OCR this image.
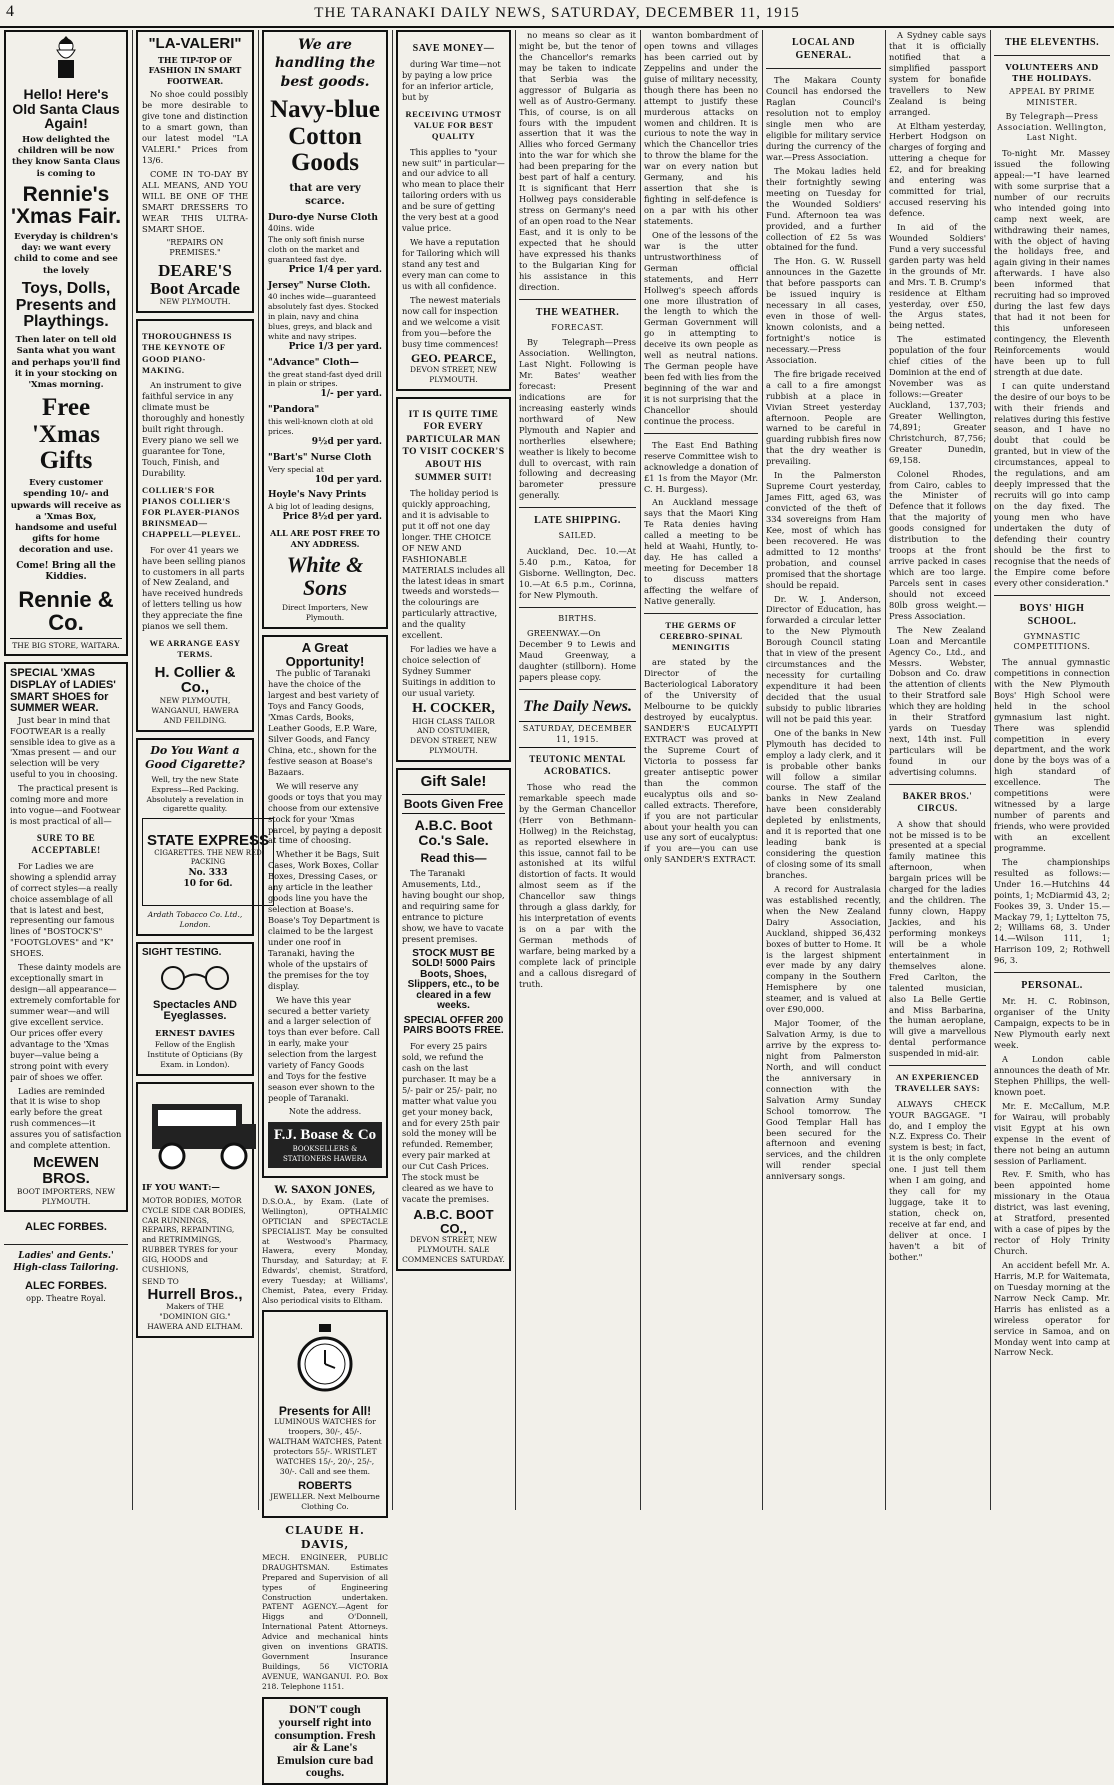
4	THE TARANAKI DAILY NEWS, SATURDAY, DECEMBER 11, 1915
Hello! Here's Old Santa Claus Again!
How delighted the children will be now they know Santa Claus is coming to
Rennie's 'Xmas Fair.
Everyday is children's day: we want every child to come and see the lovely
Toys, Dolls, Presents and Playthings.
Then later on tell old Santa what you want and perhaps you'll find it in your stocking on 'Xmas morning.
Free 'Xmas Gifts
Every customer spending 10/- and upwards will receive as a 'Xmas Box, handsome and useful gifts for home decoration and use.
Come! Bring all the Kiddies.
Rennie & Co.
THE BIG STORE, WAITARA.
SPECIAL 'XMAS DISPLAY of LADIES' SMART SHOES for SUMMER WEAR.

Just bear in mind that FOOTWEAR is a really sensible idea to give as a 'Xmas present — and our selection will be very useful to you in choosing.

The practical present is coming more and more into vogue—and Footwear is most practical of all—

SURE TO BE ACCEPTABLE!

For Ladies we are showing a splendid array of correct styles—a really choice assemblage of all that is latest and best, representing our famous lines of "BOSTOCK'S" "FOOTGLOVES" and "K" SHOES.

These dainty models are exceptionally smart in design—all appearance—extremely comfortable for summer wear—and will give excellent service. Our prices offer every advantage to the 'Xmas buyer—value being a strong point with every pair of shoes we offer.

Ladies are reminded that it is wise to shop early before the great rush commences—it assures you of satisfaction and complete attention.

McEWEN BROS.
BOOT IMPORTERS, NEW PLYMOUTH.
ALEC FORBES.
Ladies' and Gents.' High-class Tailoring.
ALEC FORBES.
opp. Theatre Royal.
"LA-VALERI"
THE TIP-TOP OF FASHION IN SMART FOOTWEAR.

No shoe could possibly be more desirable to give tone and distinction to a smart gown, than our latest model "LA VALERI." Prices from 13/6.

COME IN TO-DAY BY ALL MEANS, AND YOU WILL BE ONE OF THE SMART DRESSERS TO WEAR THIS ULTRA-SMART SHOE.

"REPAIRS ON PREMISES."
DEARE'S Boot Arcade
NEW PLYMOUTH.
THOROUGHNESS IS THE KEYNOTE OF GOOD PIANO-MAKING.

An instrument to give faithful service in any climate must be thoroughly and honestly built right through. Every piano we sell we guarantee for Tone, Touch, Finish, and Durability.

COLLIER'S FOR PIANOS COLLIER'S FOR PLAYER-PIANOS BRINSMEAD—CHAPPELL—PLEYEL.

For over 41 years we have been selling pianos to customers in all parts of New Zealand, and have received hundreds of letters telling us how they appreciate the fine pianos we sell them.

WE ARRANGE EASY TERMS.
H. Collier & Co.,
NEW PLYMOUTH, WANGANUI, HAWERA AND FEILDING.
Do You Want a Good Cigarette?
Well, try the new State Express—Red Packing. Absolutely a revelation in cigarette quality.
STATE EXPRESS
CIGARETTES. THE NEW RED PACKING
No. 333
10 for 6d.
Ardath Tobacco Co. Ltd., London.
SIGHT TESTING.
Spectacles AND Eyeglasses.
ERNEST DAVIES
Fellow of the English Institute of Opticians (By Exam. in London).
IF YOU WANT:—
MOTOR BODIES, MOTOR CYCLE SIDE CAR BODIES, CAR RUNNINGS, REPAIRS, REPAINTING, and RETRIMMINGS, RUBBER TYRES for your GIG, HOODS and CUSHIONS,
SEND TO
Hurrell Bros.,
Makers of THE "DOMINION GIG." HAWERA AND ELTHAM.
We are handling the best goods.
Navy-blue Cotton Goods
that are very scarce.
Duro-dye Nurse Cloth
40ins. wide
The only soft finish nurse cloth on the market and guaranteed fast dye.
Price 1/4 per yard.
Jersey" Nurse Cloth.
40 inches wide—guaranteed absolutely fast dyes. Stocked in plain, navy and china blues, greys, and black and white and navy stripes.
Price 1/3 per yard.
"Advance" Cloth—
the great stand-fast dyed drill in plain or stripes.
1/- per yard.
"Pandora"
this well-known cloth at old prices.
9½d per yard.
"Bart's" Nurse Cloth
Very special at
10d per yard.
Hoyle's Navy Prints
A big lot of leading designs,
Price 8½d per yard.
ALL ARE POST FREE TO ANY ADDRESS.
White & Sons
Direct Importers, New Plymouth.
A Great Opportunity!

The public of Taranaki have the choice of the largest and best variety of Toys and Fancy Goods, 'Xmas Cards, Books, Leather Goods, E.P. Ware, Silver Goods, and Fancy China, etc., shown for the festive season at Boase's Bazaars.

We will reserve any goods or toys that you may choose from our extensive stock for your 'Xmas parcel, by paying a deposit at time of choosing.

Whether it be Bags, Suit Cases, Work Boxes, Collar Boxes, Dressing Cases, or any article in the leather goods line you have the selection at Boase's. Boase's Toy Department is claimed to be the largest under one roof in Taranaki, having the whole of the upstairs of the premises for the toy display.

We have this year secured a better variety and a larger selection of toys than ever before. Call in early, make your selection from the largest variety of Fancy Goods and Toys for the festive season ever shown to the people of Taranaki.

Note the address.
F.J. Boase & Co
BOOKSELLERS & STATIONERS HAWERA
W. SAXON JONES,
D.S.O.A., by Exam. (Late of Wellington), OPTHALMIC OPTICIAN and SPECTACLE SPECIALIST. May be consulted at Westwood's Pharmacy, Hawera, every Monday, Thursday, and Saturday; at F. Edwards', chemist, Stratford, every Tuesday; at Williams', Chemist, Patea, every Friday. Also periodical visits to Eltham.
Presents for All!
LUMINOUS WATCHES for troopers, 30/-, 45/-. WALTHAM WATCHES, Patent protectors 55/-. WRISTLET WATCHES 15/-, 20/-, 25/-, 30/-. Call and see them.
ROBERTS
JEWELLER. Next Melbourne Clothing Co.
CLAUDE H. DAVIS,
MECH. ENGINEER, PUBLIC DRAUGHTSMAN. Estimates Prepared and Supervision of all types of Engineering Construction undertaken. PATENT AGENCY.—Agent for Higgs and O'Donnell, International Patent Attorneys. Advice and mechanical hints given on inventions GRATIS. Government Insurance Buildings, 56 VICTORIA AVENUE, WANGANUI. P.O. Box 218. Telephone 1151.
DON'T cough yourself right into consumption. Fresh air & Lane's Emulsion cure bad coughs.
SAVE MONEY—

during War time—not by paying a low price for an inferior article, but by

RECEIVING UTMOST VALUE FOR BEST QUALITY

This applies to "your new suit" in particular—and our advice to all who mean to place their tailoring orders with us and be sure of getting the very best at a good value price.

We have a reputation for Tailoring which will stand any test and every man can come to us with all confidence.

The newest materials now call for inspection and we welcome a visit from you—before the busy time commences!

GEO. PEARCE,
DEVON STREET, NEW PLYMOUTH.
IT IS QUITE TIME FOR EVERY PARTICULAR MAN TO VISIT COCKER'S ABOUT HIS SUMMER SUIT!

The holiday period is quickly approaching, and it is advisable to put it off not one day longer. THE CHOICE OF NEW AND FASHIONABLE MATERIALS includes all the latest ideas in smart tweeds and worsteds—the colourings are particularly attractive, and the quality excellent.

For ladies we have a choice selection of Sydney Summer Suitings in addition to our usual variety.

H. COCKER,
HIGH CLASS TAILOR AND COSTUMIER, DEVON STREET, NEW PLYMOUTH.
Gift Sale!
Boots Given Free
A.B.C. Boot Co.'s Sale.
Read this—

The Taranaki Amusements, Ltd., having bought our shop, and requiring same for entrance to picture show, we have to vacate present premises.

STOCK MUST BE SOLD! 5000 Pairs Boots, Shoes, Slippers, etc., to be cleared in a few weeks.
SPECIAL OFFER 200 PAIRS BOOTS FREE.

For every 25 pairs sold, we refund the cash on the last purchaser. It may be a 5/- pair or 25/- pair, no matter what value you get your money back, and for every 25th pair sold the money will be refunded. Remember, every pair marked at our Cut Cash Prices. The stock must be cleared as we have to vacate the premises.

A.B.C. BOOT CO.,
DEVON STREET, NEW PLYMOUTH. SALE COMMENCES SATURDAY.

no means so clear as it might be, but the tenor of the Chancellor's remarks may be taken to indicate that Serbia was the aggressor of Bulgaria as well as of Austro-Germany. This, of course, is on all fours with the impudent assertion that it was the Allies who forced Germany into the war for which she had been preparing for the best part of half a century. It is significant that Herr Hollweg pays considerable stress on Germany's need of an open road to the Near East, and it is only to be expected that he should have expressed his thanks to the Bulgarian King for his assistance in this direction.

THE WEATHER.
FORECAST.

By Telegraph—Press Association. Wellington, Last Night. Following is Mr. Bates' weather forecast: Present indications are for increasing easterly winds northward of New Plymouth and Napier and northerlies elsewhere; weather is likely to become dull to overcast, with rain following and decreasing barometer pressure generally.

LATE SHIPPING.
SAILED.

Auckland, Dec. 10.—At 5.40 p.m., Katoa, for Gisborne. Wellington, Dec. 10.—At 6.5 p.m., Corinna, for New Plymouth.

BIRTHS.

GREENWAY.—On December 9 to Lewis and Maud Greenway, a daughter (stillborn). Home papers please copy.

The Daily News.
SATURDAY, DECEMBER 11, 1915.
TEUTONIC MENTAL ACROBATICS.

Those who read the remarkable speech made by the German Chancellor (Herr von Bethmann-Hollweg) in the Reichstag, as reported elsewhere in this issue, cannot fail to be astonished at its wilful distortion of facts. It would almost seem as if the Chancellor saw things through a glass darkly, for his interpretation of events is on a par with the German methods of warfare, being marked by a complete lack of principle and a callous disregard of truth.

wanton bombardment of open towns and villages has been carried out by Zeppelins and under the guise of military necessity, though there has been no attempt to justify these murderous attacks on women and children. It is curious to note the way in which the Chancellor tries to throw the blame for the war on every nation but Germany, and his assertion that she is fighting in self-defence is on a par with his other statements.

One of the lessons of the war is the utter untrustworthiness of German official statements, and Herr Hollweg's speech affords one more illustration of the length to which the German Government will go in attempting to deceive its own people as well as neutral nations. The German people have been fed with lies from the beginning of the war and it is not surprising that the Chancellor should continue the process.

The East End Bathing reserve Committee wish to acknowledge a donation of £1 1s from the Mayor (Mr. C. H. Burgess).

An Auckland message says that the Maori King Te Rata denies having called a meeting to be held at Waahi, Huntly, to-day. He has called a meeting for December 18 to discuss matters affecting the welfare of Native generally.

THE GERMS OF CEREBRO-SPINAL MENINGITIS

are stated by the Director of the Bacteriological Laboratory of the University of Melbourne to be quickly destroyed by eucalyptus. SANDER'S EUCALYPTI EXTRACT was proved at the Supreme Court of Victoria to possess far greater antiseptic power than the common eucalyptus oils and so-called extracts. Therefore, if you are not particular about your health you can use any sort of eucalyptus: if you are—you can use only SANDER'S EXTRACT.

LOCAL AND GENERAL.

The Makara County Council has endorsed the Raglan Council's resolution not to employ single men who are eligible for military service during the currency of the war.—Press Association.

The Mokau ladies held their fortnightly sewing meeting on Tuesday for the Wounded Soldiers' Fund. Afternoon tea was provided, and a further collection of £2 5s was obtained for the fund.

The Hon. G. W. Russell announces in the Gazette that before passports can be issued inquiry is necessary in all cases, even in those of well-known colonists, and a fortnight's notice is necessary.—Press Association.

The fire brigade received a call to a fire amongst rubbish at a place in Vivian Street yesterday afternoon. People are warned to be careful in guarding rubbish fires now that the dry weather is prevailing.

In the Palmerston Supreme Court yesterday, James Fitt, aged 63, was convicted of the theft of 334 sovereigns from Ham Kee, most of which has been recovered. He was admitted to 12 months' probation, and counsel promised that the shortage should be repaid.

Dr. W. J. Anderson, Director of Education, has forwarded a circular letter to the New Plymouth Borough Council stating that in view of the present circumstances and the necessity for curtailing expenditure it had been decided that the usual subsidy to public libraries will not be paid this year.

One of the banks in New Plymouth has decided to employ a lady clerk, and it is probable other banks will follow a similar course. The staff of the banks in New Zealand have been considerably depleted by enlistments, and it is reported that one leading bank is considering the question of closing some of its small branches.

A record for Australasia was established recently, when the New Zealand Dairy Association, Auckland, shipped 36,432 boxes of butter to Home. It is the largest shipment ever made by any dairy company in the Southern Hemisphere by one steamer, and is valued at over £90,000.

Major Toomer, of the Salvation Army, is due to arrive by the express to-night from Palmerston North, and will conduct the anniversary in connection with the Salvation Army Sunday School tomorrow. The Good Templar Hall has been secured for the afternoon and evening services, and the children will render special anniversary songs.

A Sydney cable says that it is officially notified that a simplified passport system for bonafide travellers to New Zealand is being arranged.

At Eltham yesterday, Herbert Hodgson on charges of forging and uttering a cheque for £2, and for breaking and entering was committed for trial, accused reserving his defence.

In aid of the Wounded Soldiers' Fund a very successful garden party was held in the grounds of Mr. and Mrs. T. B. Crump's residence at Eltham yesterday, over £50, the Argus states, being netted.

The estimated population of the four chief cities of the Dominion at the end of November was as follows:—Greater Auckland, 137,703; Greater Wellington, 74,891; Greater Christchurch, 87,756; Greater Dunedin, 69,158.

Colonel Rhodes, from Cairo, cables to the Minister of Defence that it follows that the majority of goods consigned for distribution to the troops at the front arrive packed in cases which are too large. Parcels sent in cases should not exceed 80lb gross weight.—Press Association.

The New Zealand Loan and Mercantile Agency Co., Ltd., and Messrs. Webster, Dobson and Co. draw the attention of clients to their Stratford sale which they are holding in their Stratford yards on Tuesday next, 14th inst. Full particulars will be found in our advertising columns.

BAKER BROS.' CIRCUS.

A show that should not be missed is to be presented at a special family matinee this afternoon, when bargain prices will be charged for the ladies and the children. The funny clown, Happy Jackies, and his performing monkeys will be a whole entertainment in themselves alone. Fred Carlton, the talented musician, also La Belle Gertie and Miss Barbarina, the human aeroplane, will give a marvellous dental performance suspended in mid-air.

AN EXPERIENCED TRAVELLER SAYS:

ALWAYS CHECK YOUR BAGGAGE. "I do, and I employ the N.Z. Express Co. Their system is best; in fact, it is the only complete one. I just tell them when I am going, and they call for my luggage, take it to station, check on, receive at far end, and deliver at once. I haven't a bit of bother."

THE ELEVENTHS.
VOLUNTEERS AND THE HOLIDAYS.
APPEAL BY PRIME MINISTER.
By Telegraph—Press Association. Wellington, Last Night.

To-night Mr. Massey issued the following appeal:—"I have learned with some surprise that a number of our recruits who intended going into camp next week, are withdrawing their names, with the object of having the holidays free, and again giving in their names afterwards. I have also been informed that recruiting had so improved during the last few days that had it not been for this unforeseen contingency, the Eleventh Reinforcements would have been up to full strength at due date.

I can quite understand the desire of our boys to be with their friends and relatives during this festive season, and I have no doubt that could be granted, but in view of the circumstances, appeal to the regulations, and am deeply impressed that the recruits will go into camp on the day fixed. The young men who have undertaken the duty of defending their country should be the first to recognise that the needs of the Empire come before every other consideration."

BOYS' HIGH SCHOOL.
GYMNASTIC COMPETITIONS.

The annual gymnastic competitions in connection with the New Plymouth Boys' High School were held in the school gymnasium last night. There was splendid competition in every department, and the work done by the boys was of a high standard of excellence. The competitions were witnessed by a large number of parents and friends, who were provided with an excellent programme.

The championships resulted as follows:— Under 16.—Hutchins 44 points, 1; McDiarmid 43, 2; Fookes 39, 3. Under 15.—Mackay 79, 1; Lyttelton 75, 2; Williams 68, 3. Under 14.—Wilson 111, 1; Harrison 109, 2; Rothwell 96, 3.

PERSONAL.

Mr. H. C. Robinson, organiser of the Unity Campaign, expects to be in New Plymouth early next week.

A London cable announces the death of Mr. Stephen Phillips, the well-known poet.

Mr. E. McCallum, M.P. for Wairau, will probably visit Egypt at his own expense in the event of there not being an autumn session of Parliament.

Rev. F. Smith, who has been appointed home missionary in the Otaua district, was last evening, at Stratford, presented with a case of pipes by the rector of Holy Trinity Church.

An accident befell Mr. A. Harris, M.P. for Waitemata, on Tuesday morning at the Narrow Neck Camp. Mr. Harris has enlisted as a wireless operator for service in Samoa, and on Monday went into camp at Narrow Neck.
